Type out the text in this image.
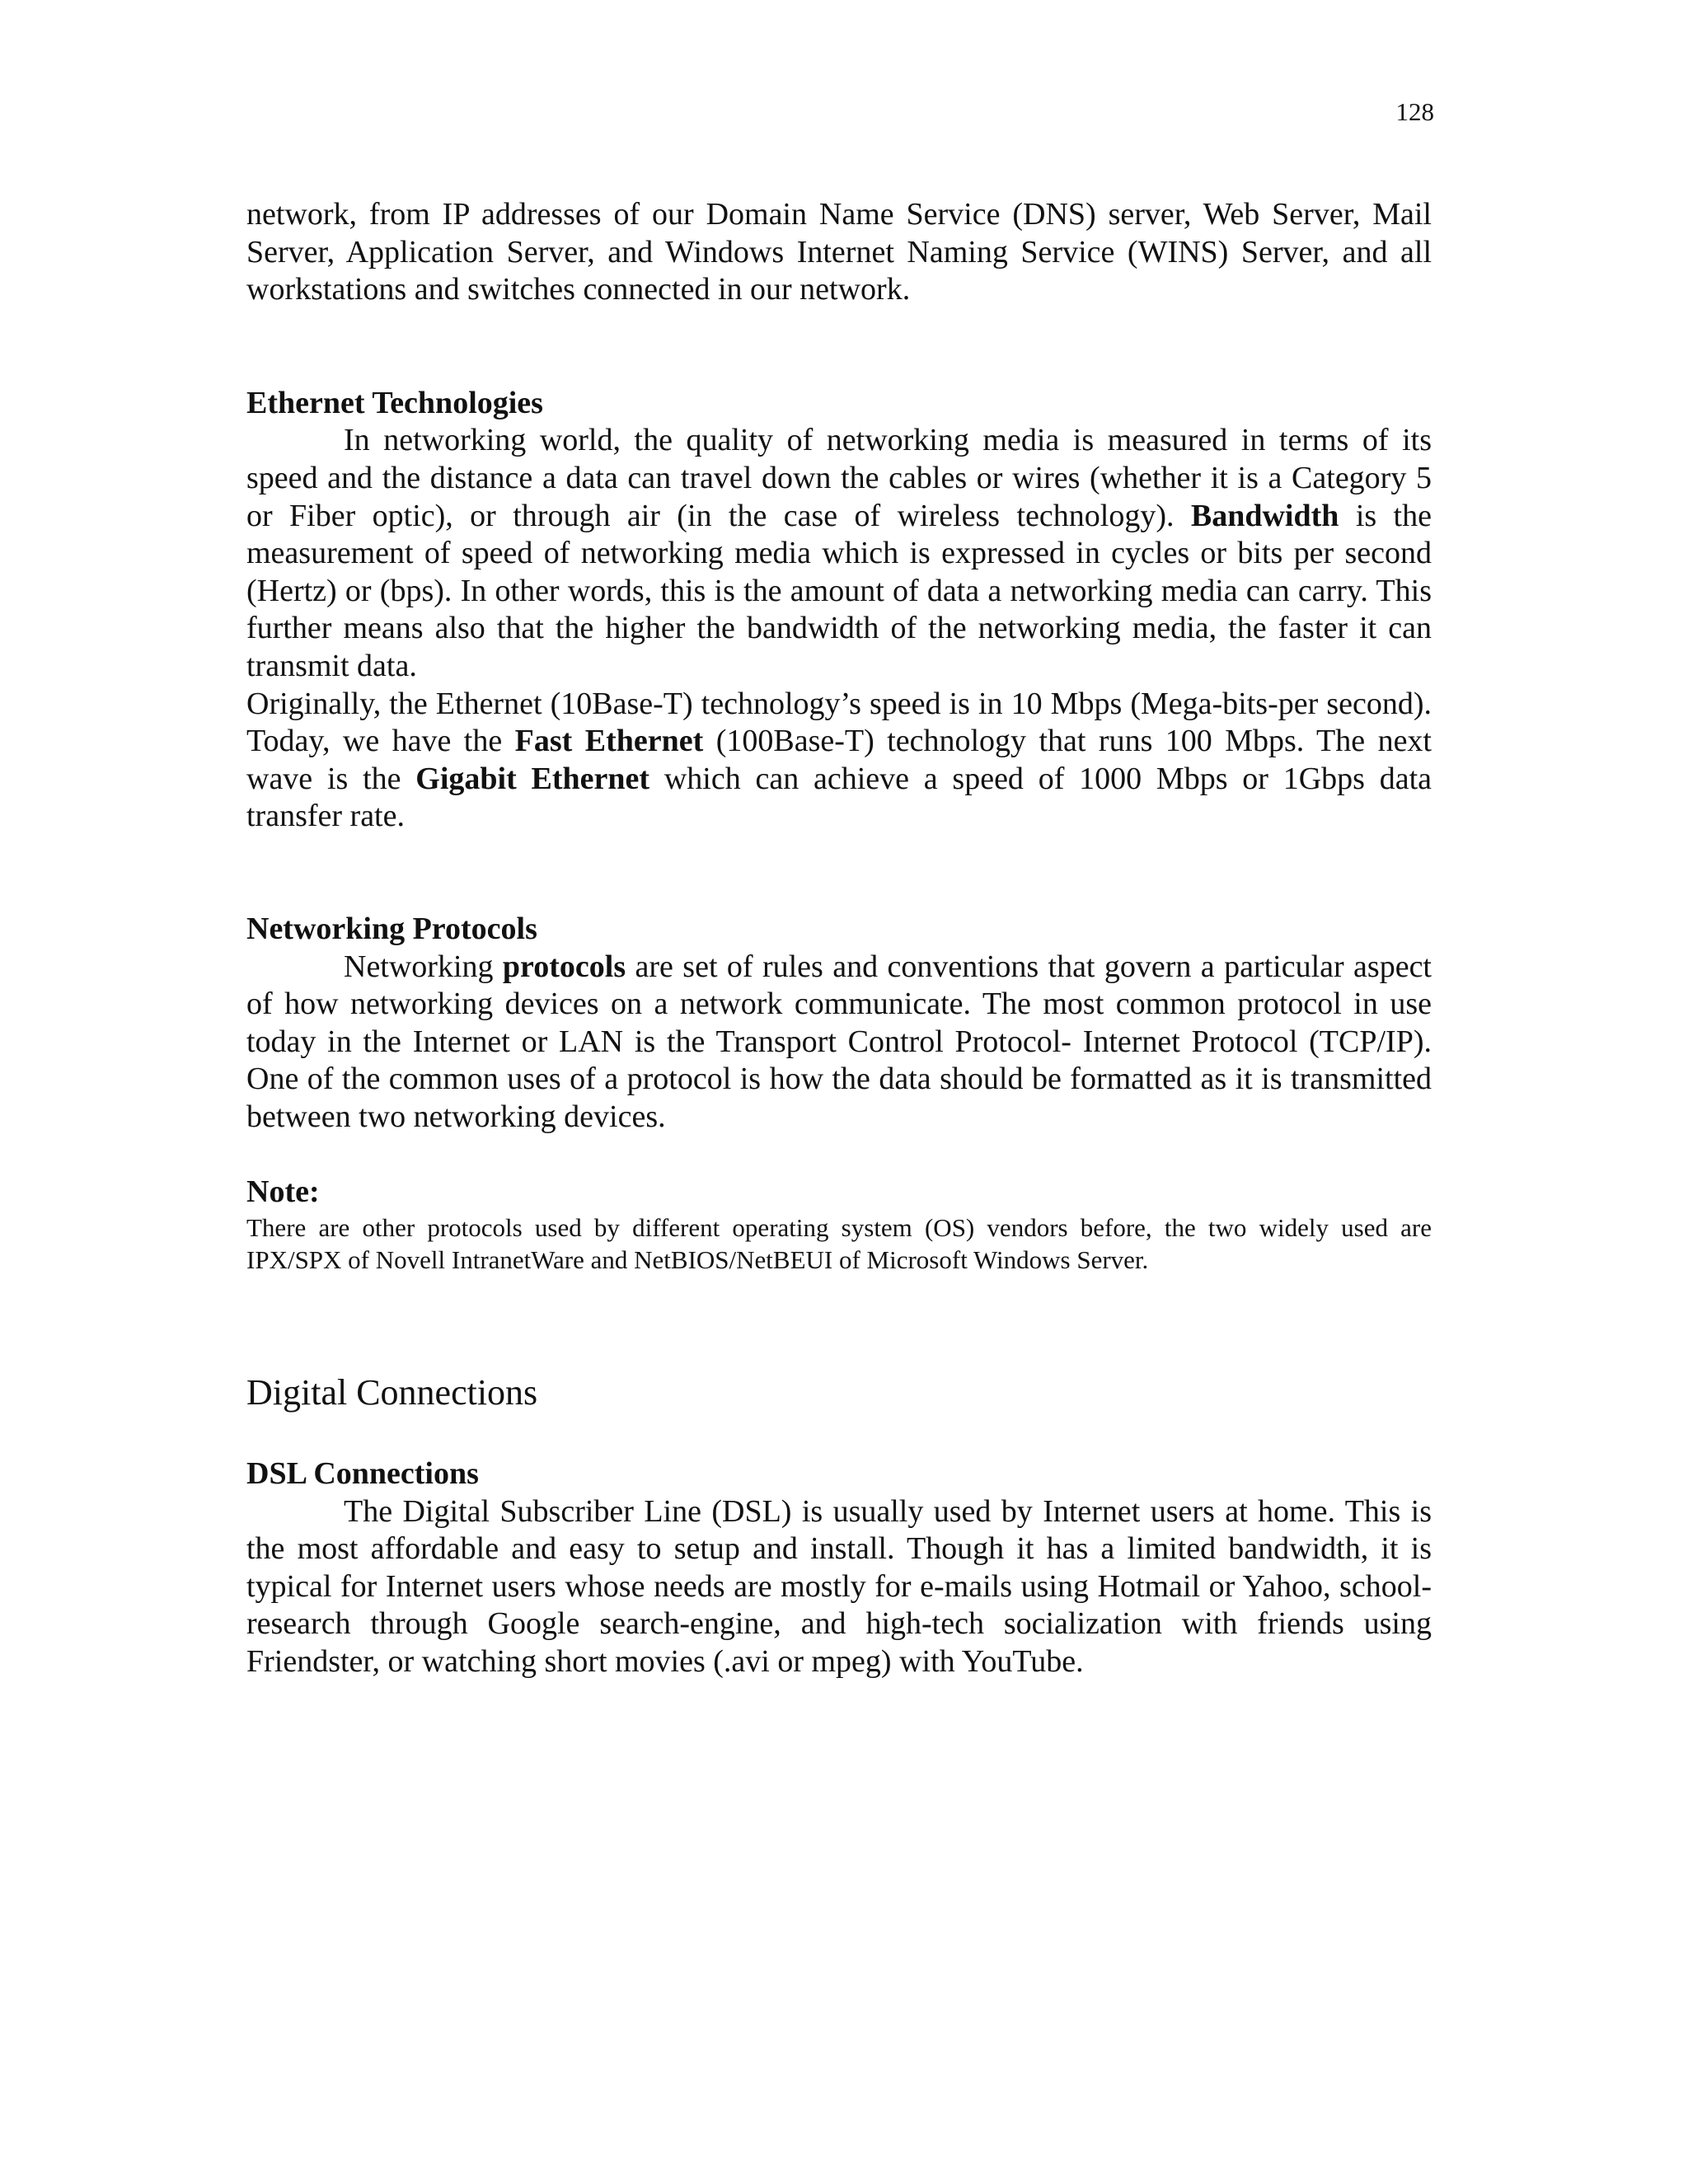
128

network, from IP addresses of our Domain Name Service (DNS) server, Web Server, Mail Server, Application Server, and Windows Internet Naming Service (WINS) Server, and all workstations and switches connected in our network.

Ethernet Technologies

In networking world, the quality of networking media is measured in terms of its speed and the distance a data can travel down the cables or wires (whether it is a Category 5 or Fiber optic), or through air (in the case of wireless technology). Bandwidth is the measurement of speed of networking media which is expressed in cycles or bits per second (Hertz) or (bps). In other words, this is the amount of data a networking media can carry. This further means also that the higher the bandwidth of the networking media, the faster it can transmit data.

Originally, the Ethernet (10Base-T) technology’s speed is in 10 Mbps (Mega-bits-per second). Today, we have the Fast Ethernet (100Base-T) technology that runs 100 Mbps. The next wave is the Gigabit Ethernet which can achieve a speed of 1000 Mbps or 1Gbps data transfer rate.

Networking Protocols

Networking protocols are set of rules and conventions that govern a particular aspect of how networking devices on a network communicate. The most common protocol in use today in the Internet or LAN is the Transport Control Protocol- Internet Protocol (TCP/IP). One of the common uses of a protocol is how the data should be formatted as it is transmitted between two networking devices.

Note:

There are other protocols used by different operating system (OS) vendors before, the two widely used are IPX/SPX of Novell IntranetWare and NetBIOS/NetBEUI of Microsoft Windows Server.

Digital Connections
DSL Connections

The Digital Subscriber Line (DSL) is usually used by Internet users at home. This is the most affordable and easy to setup and install. Though it has a limited bandwidth, it is typical for Internet users whose needs are mostly for e-mails using Hotmail or Yahoo, school-research through Google search-engine, and high-tech socialization with friends using Friendster, or watching short movies (.avi or mpeg) with YouTube.
